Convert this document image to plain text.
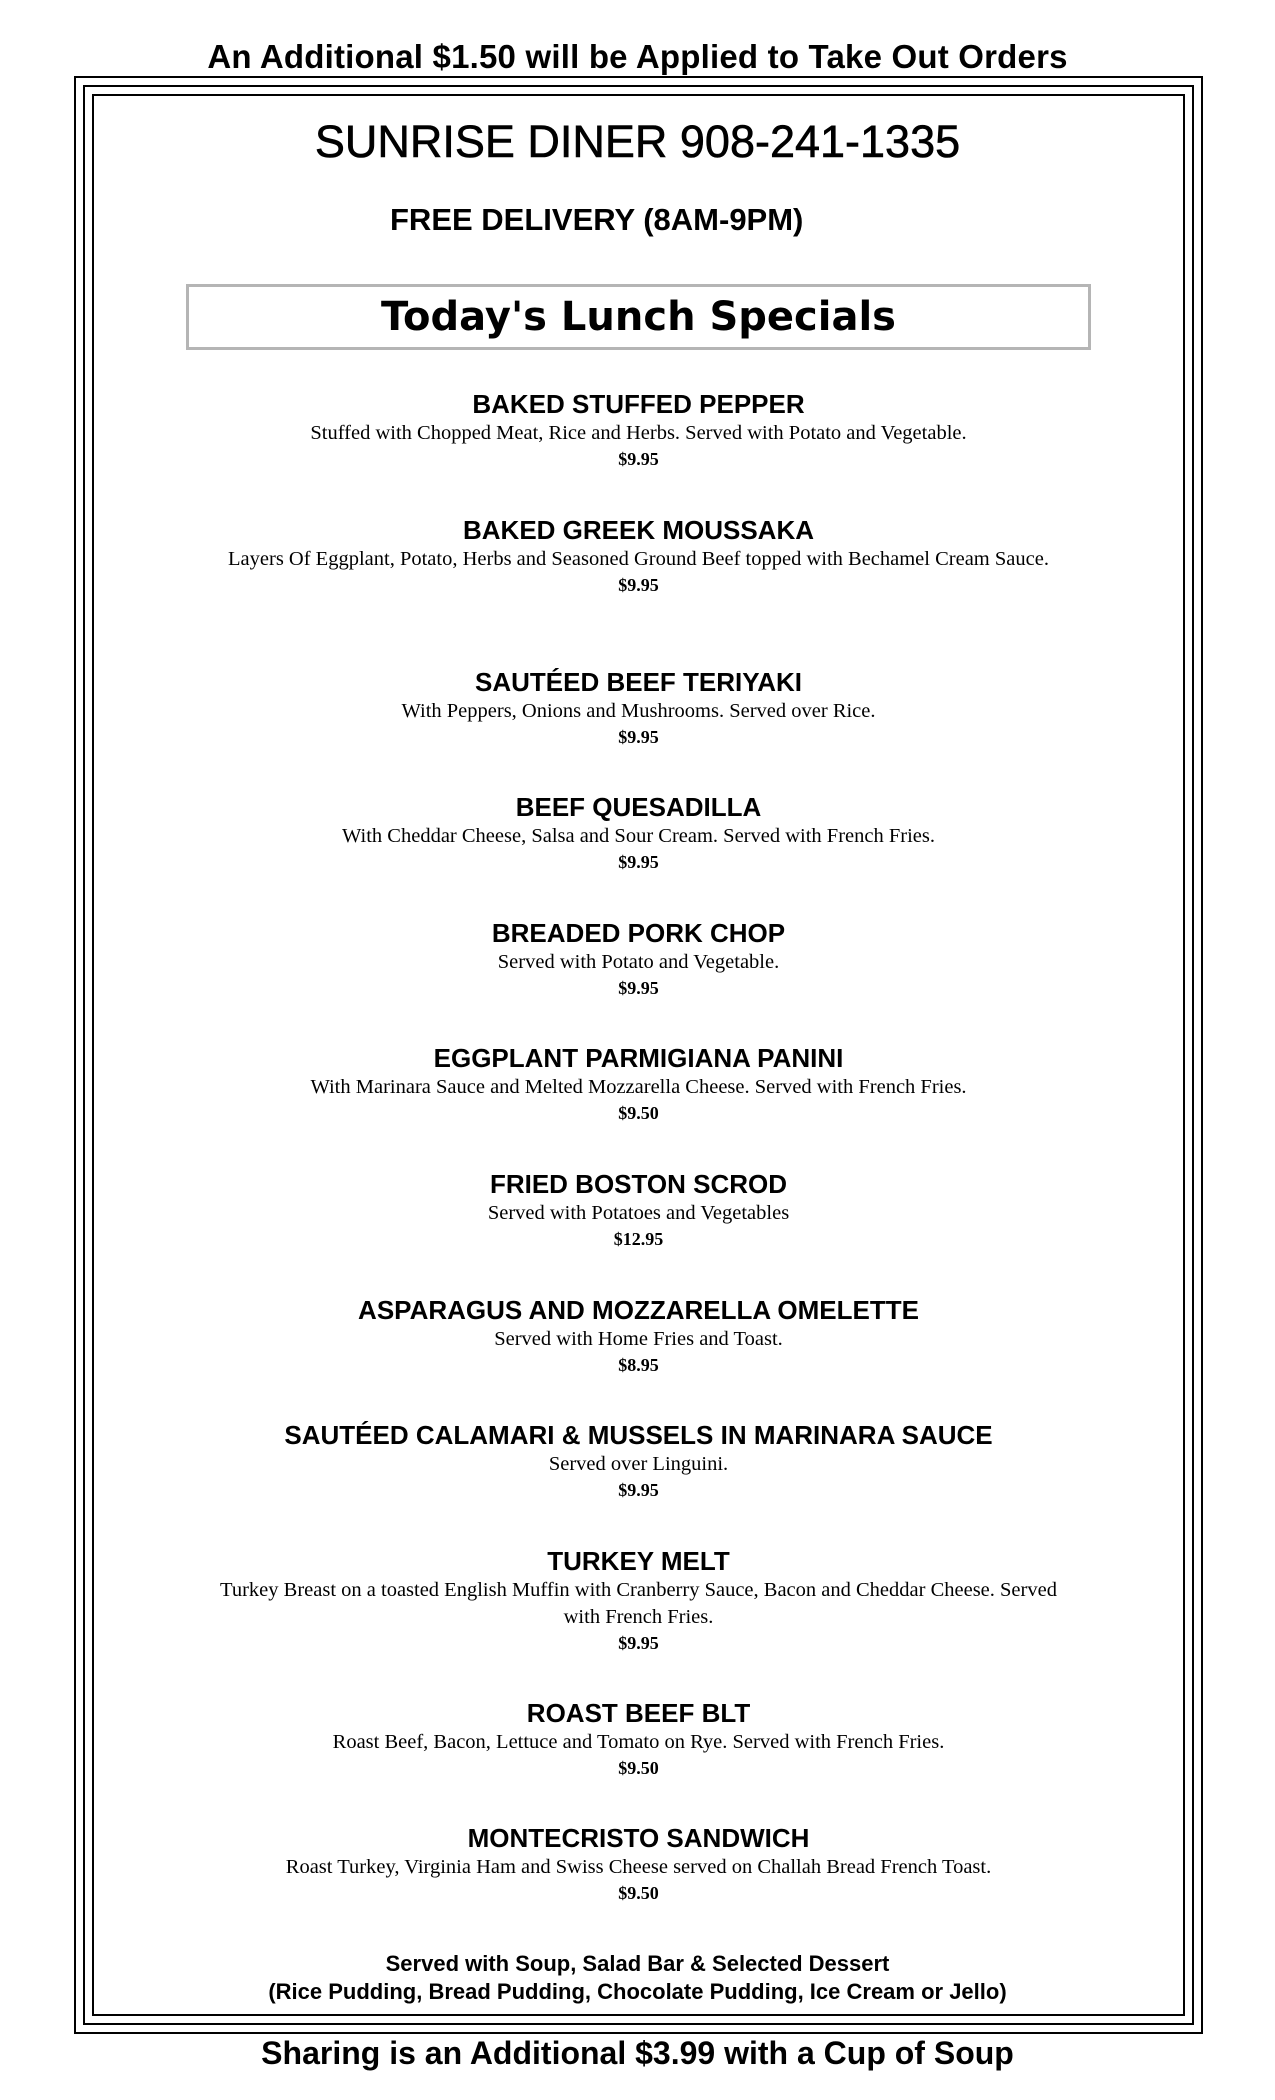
An Additional $1.50 will be Applied to Take Out Orders
SUNRISE DINER 908-241-1335
FREE DELIVERY (8AM-9PM)
Today's Lunch Specials
BAKED STUFFED PEPPER
Stuffed with Chopped Meat, Rice and Herbs. Served with Potato and Vegetable.
$9.95
BAKED GREEK MOUSSAKA
Layers Of Eggplant, Potato, Herbs and Seasoned Ground Beef topped with Bechamel Cream Sauce.
$9.95
SAUTÉED BEEF TERIYAKI
With Peppers, Onions and Mushrooms. Served over Rice.
$9.95
BEEF QUESADILLA
With Cheddar Cheese, Salsa and Sour Cream. Served with French Fries.
$9.95
BREADED PORK CHOP
Served with Potato and Vegetable.
$9.95
EGGPLANT PARMIGIANA PANINI
With Marinara Sauce and Melted Mozzarella Cheese. Served with French Fries.
$9.50
FRIED BOSTON SCROD
Served with Potatoes and Vegetables
$12.95
ASPARAGUS AND MOZZARELLA OMELETTE
Served with Home Fries and Toast.
$8.95
SAUTÉED CALAMARI & MUSSELS IN MARINARA SAUCE
Served over Linguini.
$9.95
TURKEY MELT
Turkey Breast on a toasted English Muffin with Cranberry Sauce, Bacon and Cheddar Cheese. Served with French Fries.
$9.95
ROAST BEEF BLT
Roast Beef, Bacon, Lettuce and Tomato on Rye. Served with French Fries.
$9.50
MONTECRISTO SANDWICH
Roast Turkey, Virginia Ham and Swiss Cheese served on Challah Bread French Toast.
$9.50
Served with Soup, Salad Bar & Selected Dessert
(Rice Pudding, Bread Pudding, Chocolate Pudding, Ice Cream or Jello)
Sharing is an Additional $3.99 with a Cup of Soup
